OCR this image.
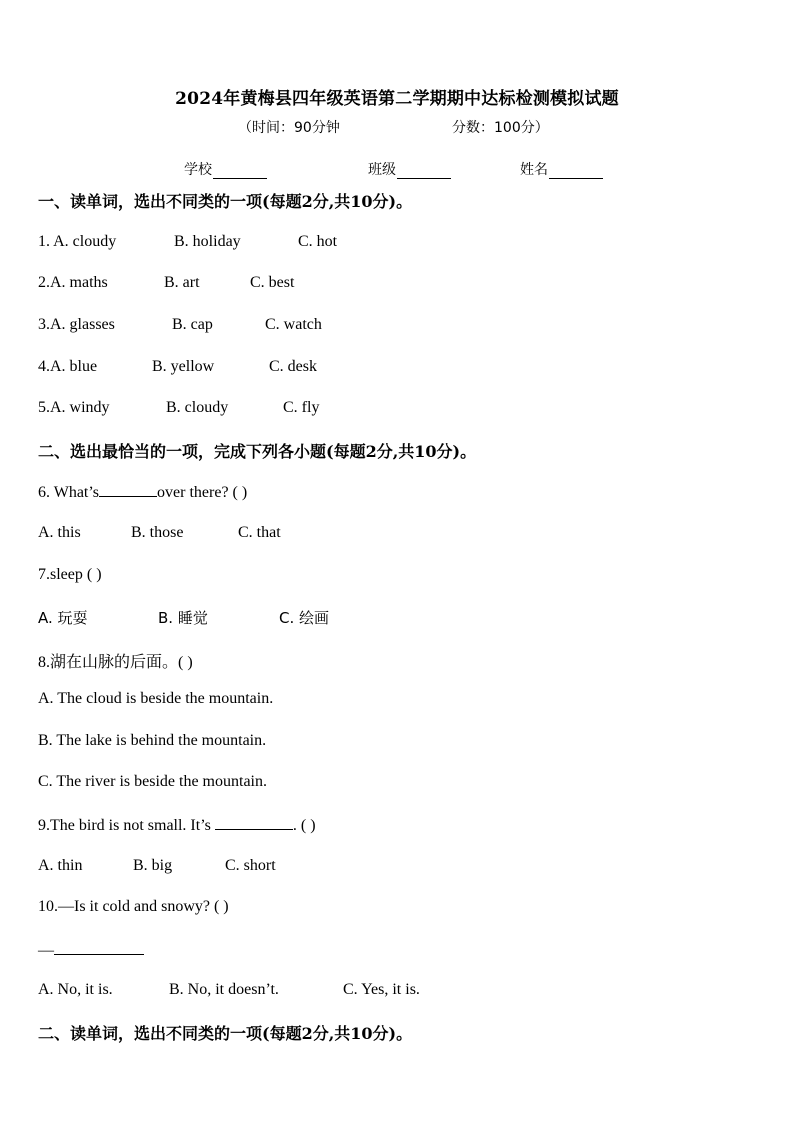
2024年黄梅县四年级英语第二学期期中达标检测模拟试题
（时间：90分钟	分数：100分）
学校	班级	姓名
一、读单词，选出不同类的一项(每题2分,共10分)。
1. A. cloudy	B. holiday	C. hot
2.A. maths	B. art	C. best
3.A. glasses	B. cap	C. watch
4.A. blue	B. yellow	C. desk
5.A. windy	B. cloudy	C. fly
二、选出最恰当的一项，完成下列各小题(每题2分,共10分)。
6. What’s	over there? ( )
A. this	B. those	C. that
7.sleep ( )
A. 玩耍	B. 睡觉	C. 绘画
8.湖在山脉的后面。( )
A. The cloud is beside the mountain.
B. The lake is behind the mountain.
C. The river is beside the mountain.
9.The bird is not small. It’s	. ( )
A. thin	B. big	C. short
10.—Is it cold and snowy? ( )
—
A. No, it is.	B. No, it doesn’t.	C. Yes, it is.
二、读单词，选出不同类的一项(每题2分,共10分)。
